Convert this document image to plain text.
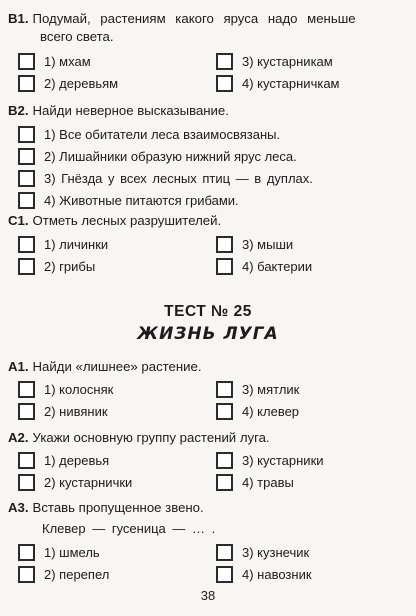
В1. Подумай, растениям какого яруса надо меньше
всего света.
1) мхам	3) кустарникам
2) деревьям	4) кустарничкам
В2. Найди неверное высказывание.
1) Все обитатели леса взаимосвязаны.
2) Лишайники образую нижний ярус леса.
3) Гнёзда у всех лесных птиц — в дуплах.
4) Животные питаются грибами.
С1. Отметь лесных разрушителей.
1) личинки	3) мыши
2) грибы	4) бактерии
ТЕСТ № 25
ЖИЗНЬ ЛУГА
А1. Найди «лишнее» растение.
1) колосняк	3) мятлик
2) нивяник	4) клевер
А2. Укажи основную группу растений луга.
1) деревья	3) кустарники
2) кустарнички	4) травы
А3. Вставь пропущенное звено.
Клевер — гусеница — … .
1) шмель	3) кузнечик
2) перепел	4) навозник
38
